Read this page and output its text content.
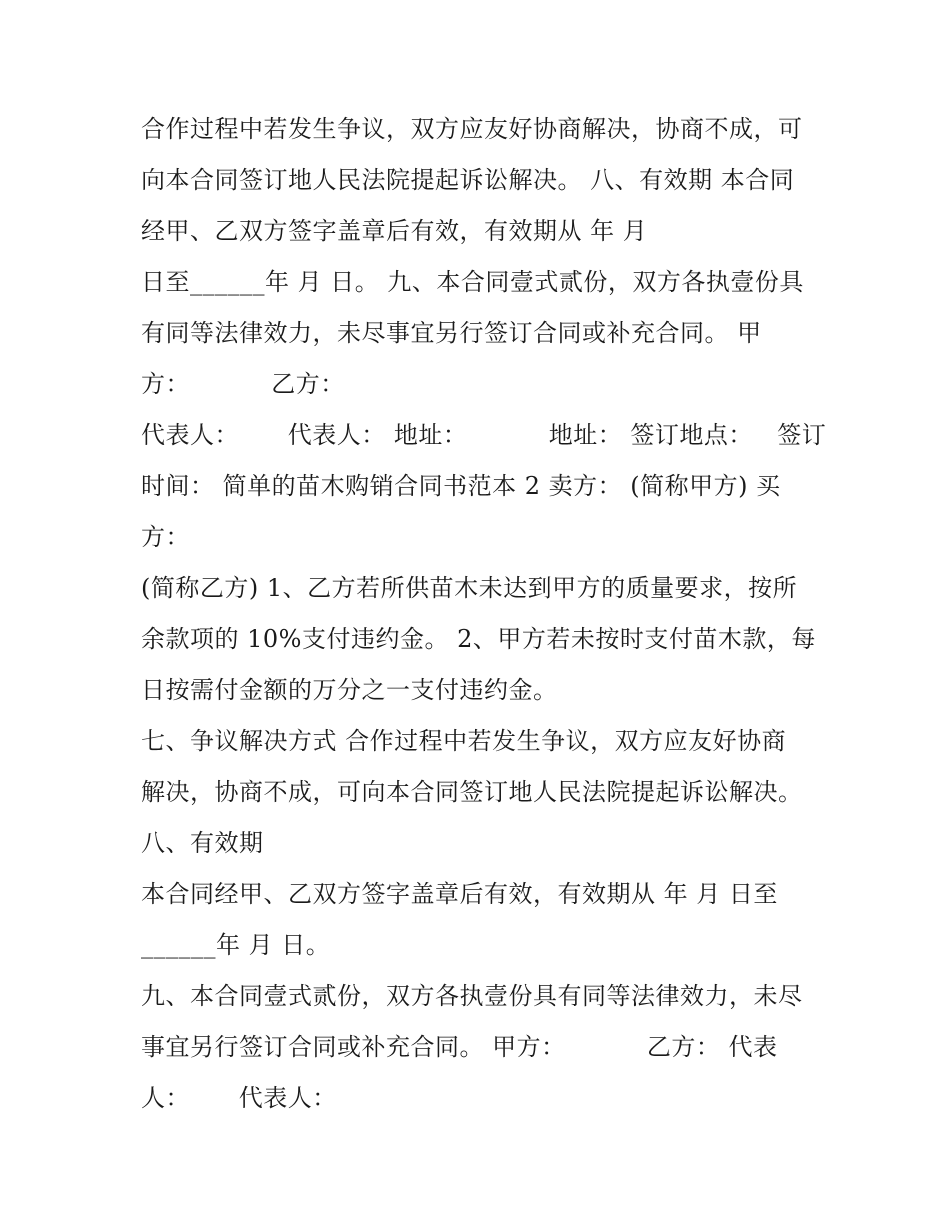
合作过程中若发生争议，双方应友好协商解决，协商不成，可
向本合同签订地人民法院提起诉讼解决。 八、有效期 本合同
经甲、乙双方签字盖章后有效，有效期从 年 月
日至______年 月 日。 九、本合同壹式贰份，双方各执壹份具
有同等法律效力，未尽事宜另行签订合同或补充合同。 甲
方：          乙方：
代表人：      代表人： 地址：          地址： 签订地点：   签订
时间： 简单的苗木购销合同书范本 2 卖方： (简称甲方) 买
方：
(简称乙方) 1、乙方若所供苗木未达到甲方的质量要求，按所
余款项的 10%支付违约金。 2、甲方若未按时支付苗木款，每
日按需付金额的万分之一支付违约金。
七、争议解决方式 合作过程中若发生争议，双方应友好协商
解决，协商不成，可向本合同签订地人民法院提起诉讼解决。
八、有效期
本合同经甲、乙双方签字盖章后有效，有效期从 年 月 日至
______年 月 日。
九、本合同壹式贰份，双方各执壹份具有同等法律效力，未尽
事宜另行签订合同或补充合同。 甲方：          乙方： 代表
人：      代表人：
